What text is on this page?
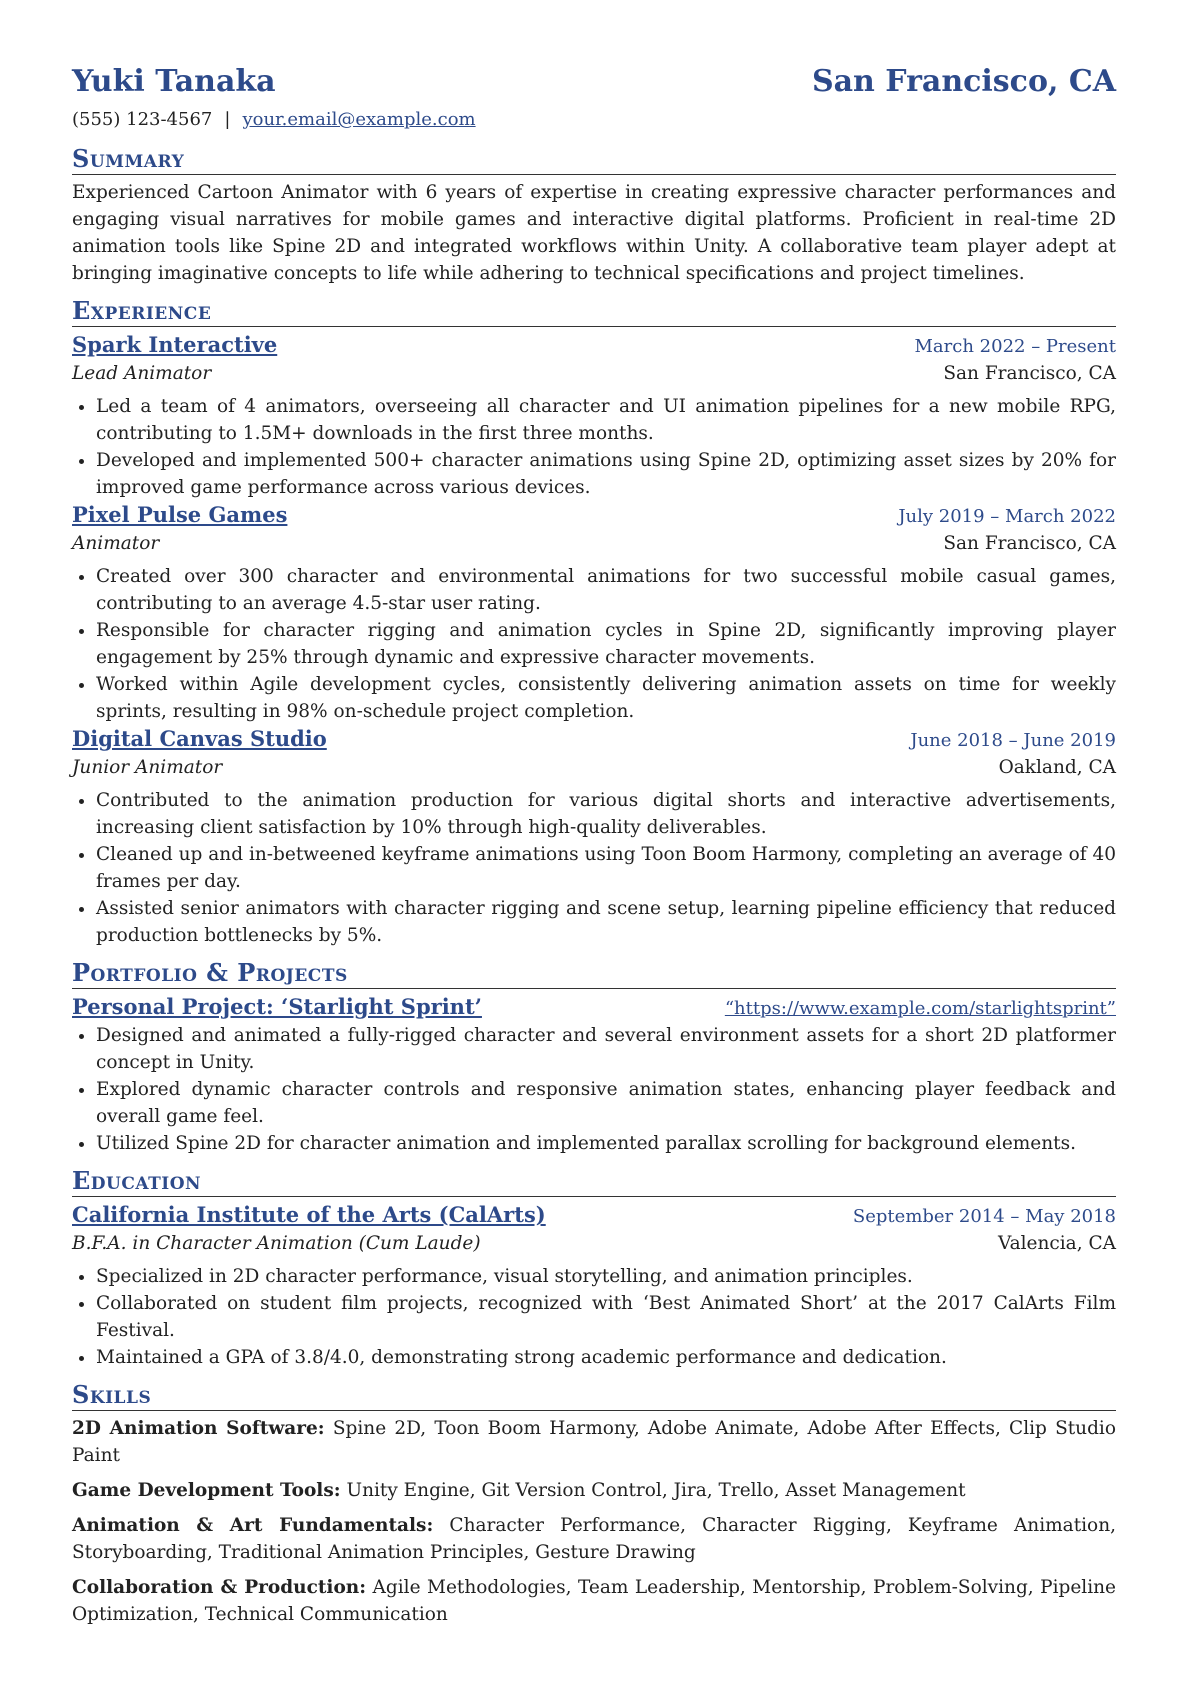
Yuki Tanaka	San Francisco, CA
(555) 123-4567 | your.email@example.com
Summary

Experienced Cartoon Animator with 6 years of expertise in creating expressive character performances and engaging visual narratives for mobile games and interactive digital platforms. Proficient in real-time 2D animation tools like Spine 2D and integrated workflows within Unity. A collaborative team player adept at bringing imaginative concepts to life while adhering to technical specifications and project timelines.

Experience
Spark Interactive	March 2022 – Present
Lead Animator	San Francisco, CA
• Led a team of 4 animators, overseeing all character and UI animation pipelines for a new mobile RPG, contributing to 1.5M+ downloads in the first three months.
• Developed and implemented 500+ character animations using Spine 2D, optimizing asset sizes by 20% for improved game performance across various devices.
Pixel Pulse Games	July 2019 – March 2022
Animator	San Francisco, CA
• Created over 300 character and environmental animations for two successful mobile casual games, contributing to an average 4.5-star user rating.
• Responsible for character rigging and animation cycles in Spine 2D, significantly improving player engagement by 25% through dynamic and expressive character movements.
• Worked within Agile development cycles, consistently delivering animation assets on time for weekly sprints, resulting in 98% on-schedule project completion.
Digital Canvas Studio	June 2018 – June 2019
Junior Animator	Oakland, CA
• Contributed to the animation production for various digital shorts and interactive advertisements, increasing client satisfaction by 10% through high-quality deliverables.
• Cleaned up and in-betweened keyframe animations using Toon Boom Harmony, completing an average of 40 frames per day.
• Assisted senior animators with character rigging and scene setup, learning pipeline efficiency that reduced production bottlenecks by 5%.
Portfolio & Projects
Personal Project: ‘Starlight Sprint’	“https://www.example.com/starlightsprint”
• Designed and animated a fully-rigged character and several environment assets for a short 2D platformer concept in Unity.
• Explored dynamic character controls and responsive animation states, enhancing player feedback and overall game feel.
• Utilized Spine 2D for character animation and implemented parallax scrolling for background elements.
Education
California Institute of the Arts (CalArts)	September 2014 – May 2018
B.F.A. in Character Animation (Cum Laude)	Valencia, CA
• Specialized in 2D character performance, visual storytelling, and animation principles.
• Collaborated on student film projects, recognized with ‘Best Animated Short’ at the 2017 CalArts Film Festival.
• Maintained a GPA of 3.8/4.0, demonstrating strong academic performance and dedication.
Skills

2D Animation Software: Spine 2D, Toon Boom Harmony, Adobe Animate, Adobe After Effects, Clip Studio Paint

Game Development Tools: Unity Engine, Git Version Control, Jira, Trello, Asset Management

Animation & Art Fundamentals: Character Performance, Character Rigging, Keyframe Animation, Storyboarding, Traditional Animation Principles, Gesture Drawing

Collaboration & Production: Agile Methodologies, Team Leadership, Mentorship, Problem-Solving, Pipeline Optimization, Technical Communication
